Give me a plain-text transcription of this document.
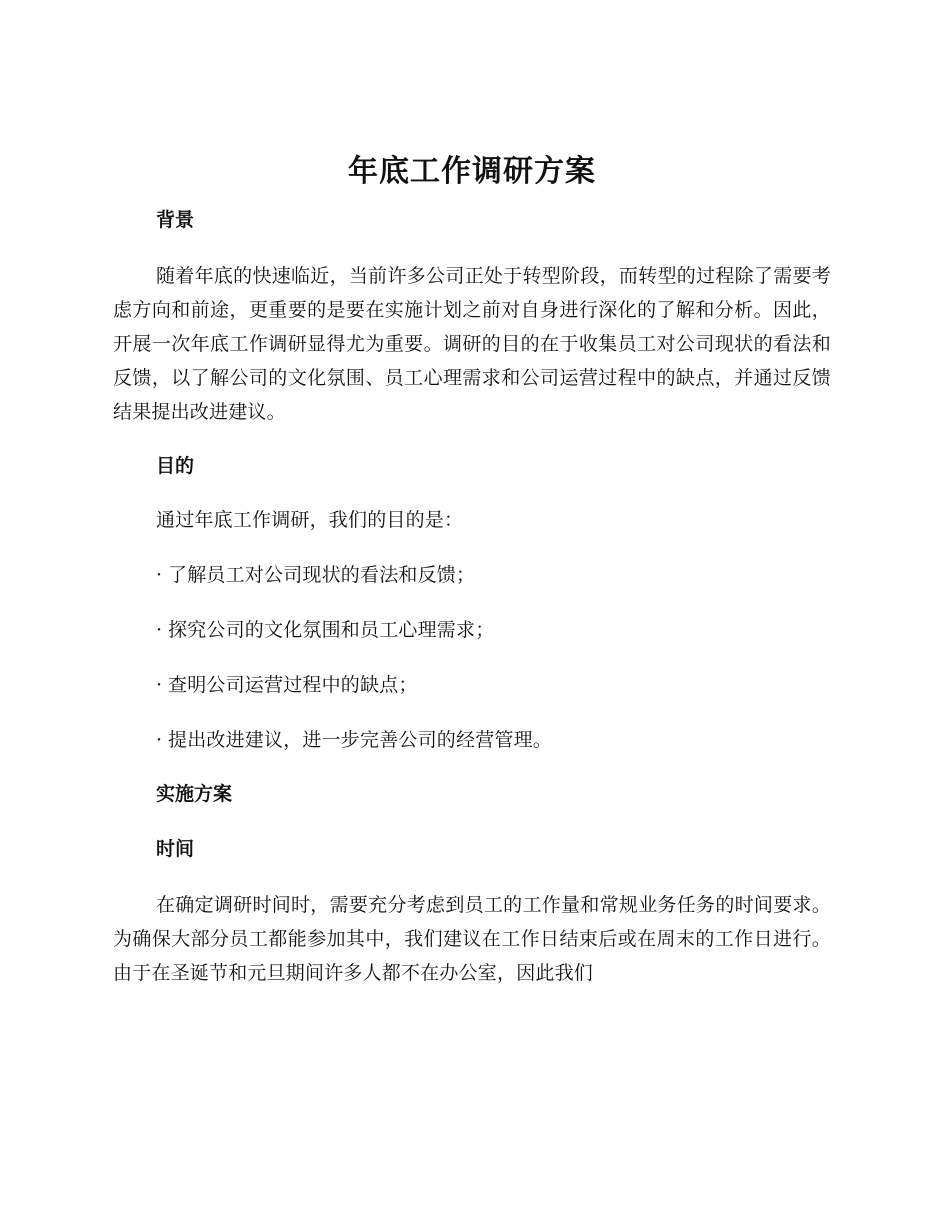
年底工作调研方案
背景

随着年底的快速临近，当前许多公司正处于转型阶段，而转型的过程除了需要考虑方向和前途，更重要的是要在实施计划之前对自身进行深化的了解和分析。因此，开展一次年底工作调研显得尤为重要。调研的目的在于收集员工对公司现状的看法和反馈，以了解公司的文化氛围、员工心理需求和公司运营过程中的缺点，并通过反馈结果提出改进建议。

目的

通过年底工作调研，我们的目的是：

· 了解员工对公司现状的看法和反馈；

· 探究公司的文化氛围和员工心理需求；

· 查明公司运营过程中的缺点；

· 提出改进建议，进一步完善公司的经营管理。

实施方案
时间

在确定调研时间时，需要充分考虑到员工的工作量和常规业务任务的时间要求。为确保大部分员工都能参加其中，我们建议在工作日结束后或在周末的工作日进行。由于在圣诞节和元旦期间许多人都不在办公室，因此我们
